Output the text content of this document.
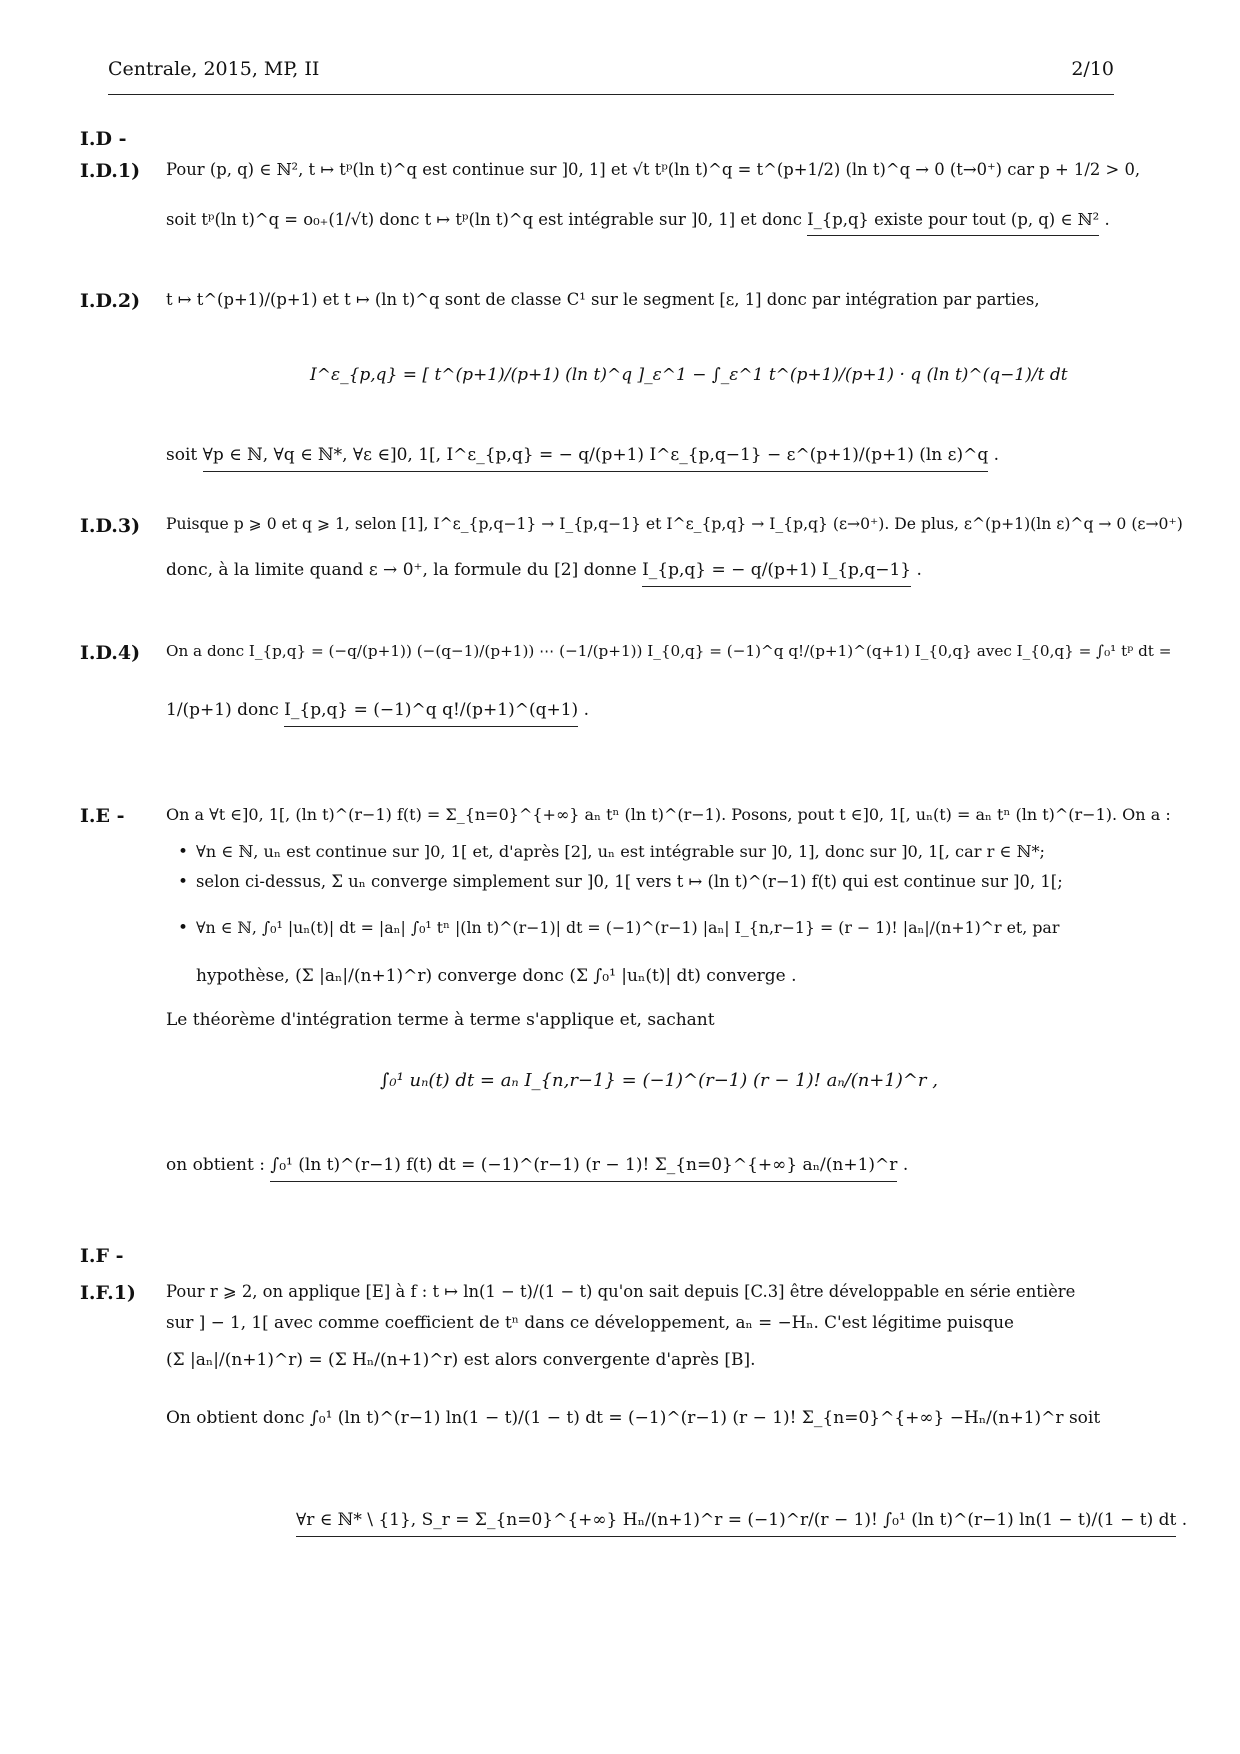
Centrale, 2015, MP, II	2/10
I.D -
I.D.1) Pour (p, q) ∈ ℕ², t ↦ tᵖ(ln t)^q est continue sur ]0, 1] et √t tᵖ(ln t)^q = t^(p+1/2) (ln t)^q → 0 (t→0⁺) car p + 1/2 > 0,
soit tᵖ(ln t)^q = o₀₊(1/√t) donc t ↦ tᵖ(ln t)^q est intégrable sur ]0, 1] et donc I_{p,q} existe pour tout (p, q) ∈ ℕ² .
I.D.2) t ↦ t^(p+1)/(p+1) et t ↦ (ln t)^q sont de classe C¹ sur le segment [ε, 1] donc par intégration par parties,
I^ε_{p,q} = [ t^(p+1)/(p+1) (ln t)^q ]_ε^1 − ∫_ε^1 t^(p+1)/(p+1) · q (ln t)^(q−1)/t dt
soit ∀p ∈ ℕ, ∀q ∈ ℕ*, ∀ε ∈]0, 1[, I^ε_{p,q} = − q/(p+1) I^ε_{p,q−1} − ε^(p+1)/(p+1) (ln ε)^q .
I.D.3) Puisque p ⩾ 0 et q ⩾ 1, selon [1], I^ε_{p,q−1} → I_{p,q−1} et I^ε_{p,q} → I_{p,q} (ε→0⁺). De plus, ε^(p+1)(ln ε)^q → 0 (ε→0⁺)
donc, à la limite quand ε → 0⁺, la formule du [2] donne I_{p,q} = − q/(p+1) I_{p,q−1} .
I.D.4) On a donc I_{p,q} = (−q/(p+1)) (−(q−1)/(p+1)) ⋯ (−1/(p+1)) I_{0,q} = (−1)^q q!/(p+1)^(q+1) I_{0,q} avec I_{0,q} = ∫₀¹ tᵖ dt =
1/(p+1) donc I_{p,q} = (−1)^q q!/(p+1)^(q+1) .
I.E -	On a ∀t ∈]0, 1[, (ln t)^(r−1) f(t) = Σ_{n=0}^{+∞} aₙ tⁿ (ln t)^(r−1). Posons, pout t ∈]0, 1[, uₙ(t) = aₙ tⁿ (ln t)^(r−1). On a :
• ∀n ∈ ℕ, uₙ est continue sur ]0, 1[ et, d'après [2], uₙ est intégrable sur ]0, 1], donc sur ]0, 1[, car r ∈ ℕ*;
• selon ci-dessus, Σ uₙ converge simplement sur ]0, 1[ vers t ↦ (ln t)^(r−1) f(t) qui est continue sur ]0, 1[;
• ∀n ∈ ℕ, ∫₀¹ |uₙ(t)| dt = |aₙ| ∫₀¹ tⁿ |(ln t)^(r−1)| dt = (−1)^(r−1) |aₙ| I_{n,r−1} = (r − 1)! |aₙ|/(n+1)^r et, par
hypothèse, (Σ |aₙ|/(n+1)^r) converge donc (Σ ∫₀¹ |uₙ(t)| dt) converge .
Le théorème d'intégration terme à terme s'applique et, sachant
∫₀¹ uₙ(t) dt = aₙ I_{n,r−1} = (−1)^(r−1) (r − 1)! aₙ/(n+1)^r ,
on obtient : ∫₀¹ (ln t)^(r−1) f(t) dt = (−1)^(r−1) (r − 1)! Σ_{n=0}^{+∞} aₙ/(n+1)^r .
I.F -
I.F.1) Pour r ⩾ 2, on applique [E] à f : t ↦ ln(1 − t)/(1 − t) qu'on sait depuis [C.3] être développable en série entière
sur ] − 1, 1[ avec comme coefficient de tⁿ dans ce développement, aₙ = −Hₙ. C'est légitime puisque
(Σ |aₙ|/(n+1)^r) = (Σ Hₙ/(n+1)^r) est alors convergente d'après [B].
On obtient donc ∫₀¹ (ln t)^(r−1) ln(1 − t)/(1 − t) dt = (−1)^(r−1) (r − 1)! Σ_{n=0}^{+∞} −Hₙ/(n+1)^r soit
∀r ∈ ℕ* \ {1}, S_r = Σ_{n=0}^{+∞} Hₙ/(n+1)^r = (−1)^r/(r − 1)! ∫₀¹ (ln t)^(r−1) ln(1 − t)/(1 − t) dt .
